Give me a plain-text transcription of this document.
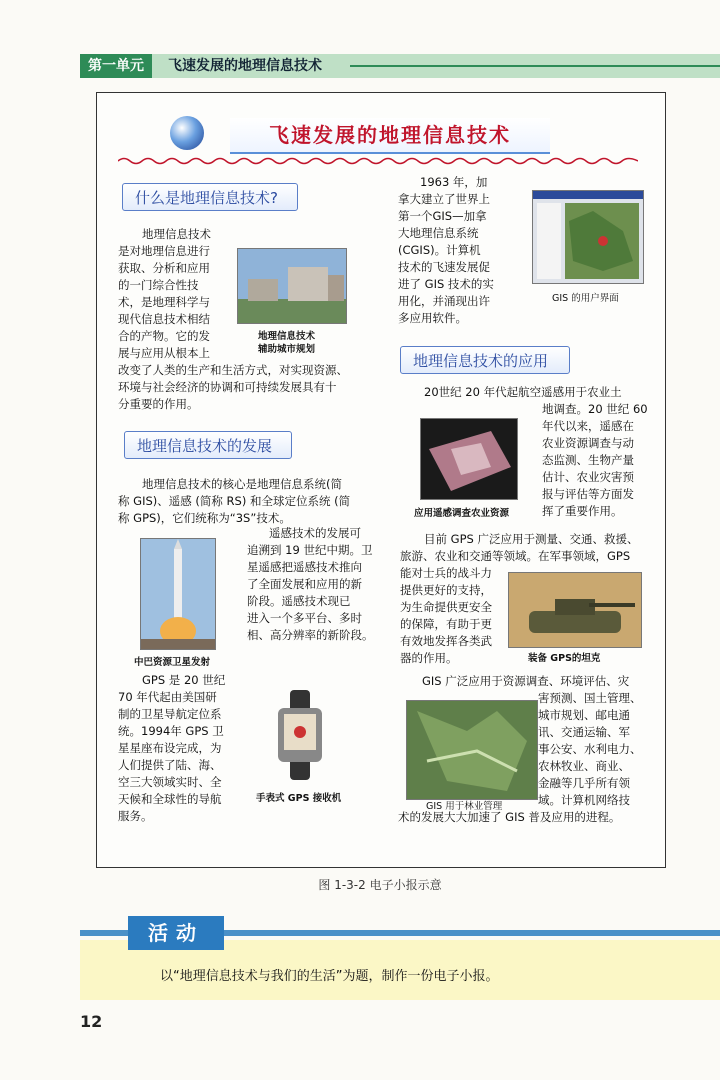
第一单元	飞速发展的地理信息技术
飞速发展的地理信息技术
什么是地理信息技术?

地理信息技术

是对地理信息进行

获取、分析和应用

的一门综合性技

术，是地理科学与

现代信息技术相结

合的产物。它的发

展与应用从根本上

改变了人类的生产和生活方式，对实现资源、

环境与社会经济的协调和可持续发展具有十

分重要的作用。

地理信息技术
辅助城市规划

1963 年，加

拿大建立了世界上

第一个GIS—加拿

大地理信息系统

(CGIS)。计算机

技术的飞速发展促

进了 GIS 技术的实

用化，并涌现出许

多应用软件。

GIS 的用户界面
地理信息技术的发展

地理信息技术的核心是地理信息系统(简

称 GIS)、遥感 (简称 RS) 和全球定位系统 (简

称 GPS)，它们统称为“3S”技术。

中巴资源卫星发射

遥感技术的发展可

追溯到 19 世纪中期。卫

星遥感把遥感技术推向

了全面发展和应用的新

阶段。遥感技术现已

进入一个多平台、多时

相、高分辨率的新阶段。

GPS 是 20 世纪

70 年代起由美国研

制的卫星导航定位系

统。1994年 GPS 卫

星星座布设完成，为

人们提供了陆、海、

空三大领域实时、全

天候和全球性的导航

服务。

手表式 GPS 接收机
地理信息技术的应用

20世纪 20 年代起航空遥感用于农业土

地调查。20 世纪 60

年代以来，遥感在

农业资源调查与动

态监测、生物产量

估计、农业灾害预

报与评估等方面发

挥了重要作用。

应用遥感调查农业资源

目前 GPS 广泛应用于测量、交通、救援、

旅游、农业和交通等领域。在军事领域，GPS

能对士兵的战斗力

提供更好的支持，

为生命提供更安全

的保障，有助于更

有效地发挥各类武

器的作用。	装备 GPS的坦克

GIS 广泛应用于资源调查、环境评估、灾

害预测、国土管理、

城市规划、邮电通

讯、交通运输、军

事公安、水利电力、

农林牧业、商业、

金融等几乎所有领

域。计算机网络技

术的发展大大加速了 GIS 普及应用的进程。

GIS 用于林业管理
图 1-3-2 电子小报示意
活动
以“地理信息技术与我们的生活”为题，制作一份电子小报。
12
